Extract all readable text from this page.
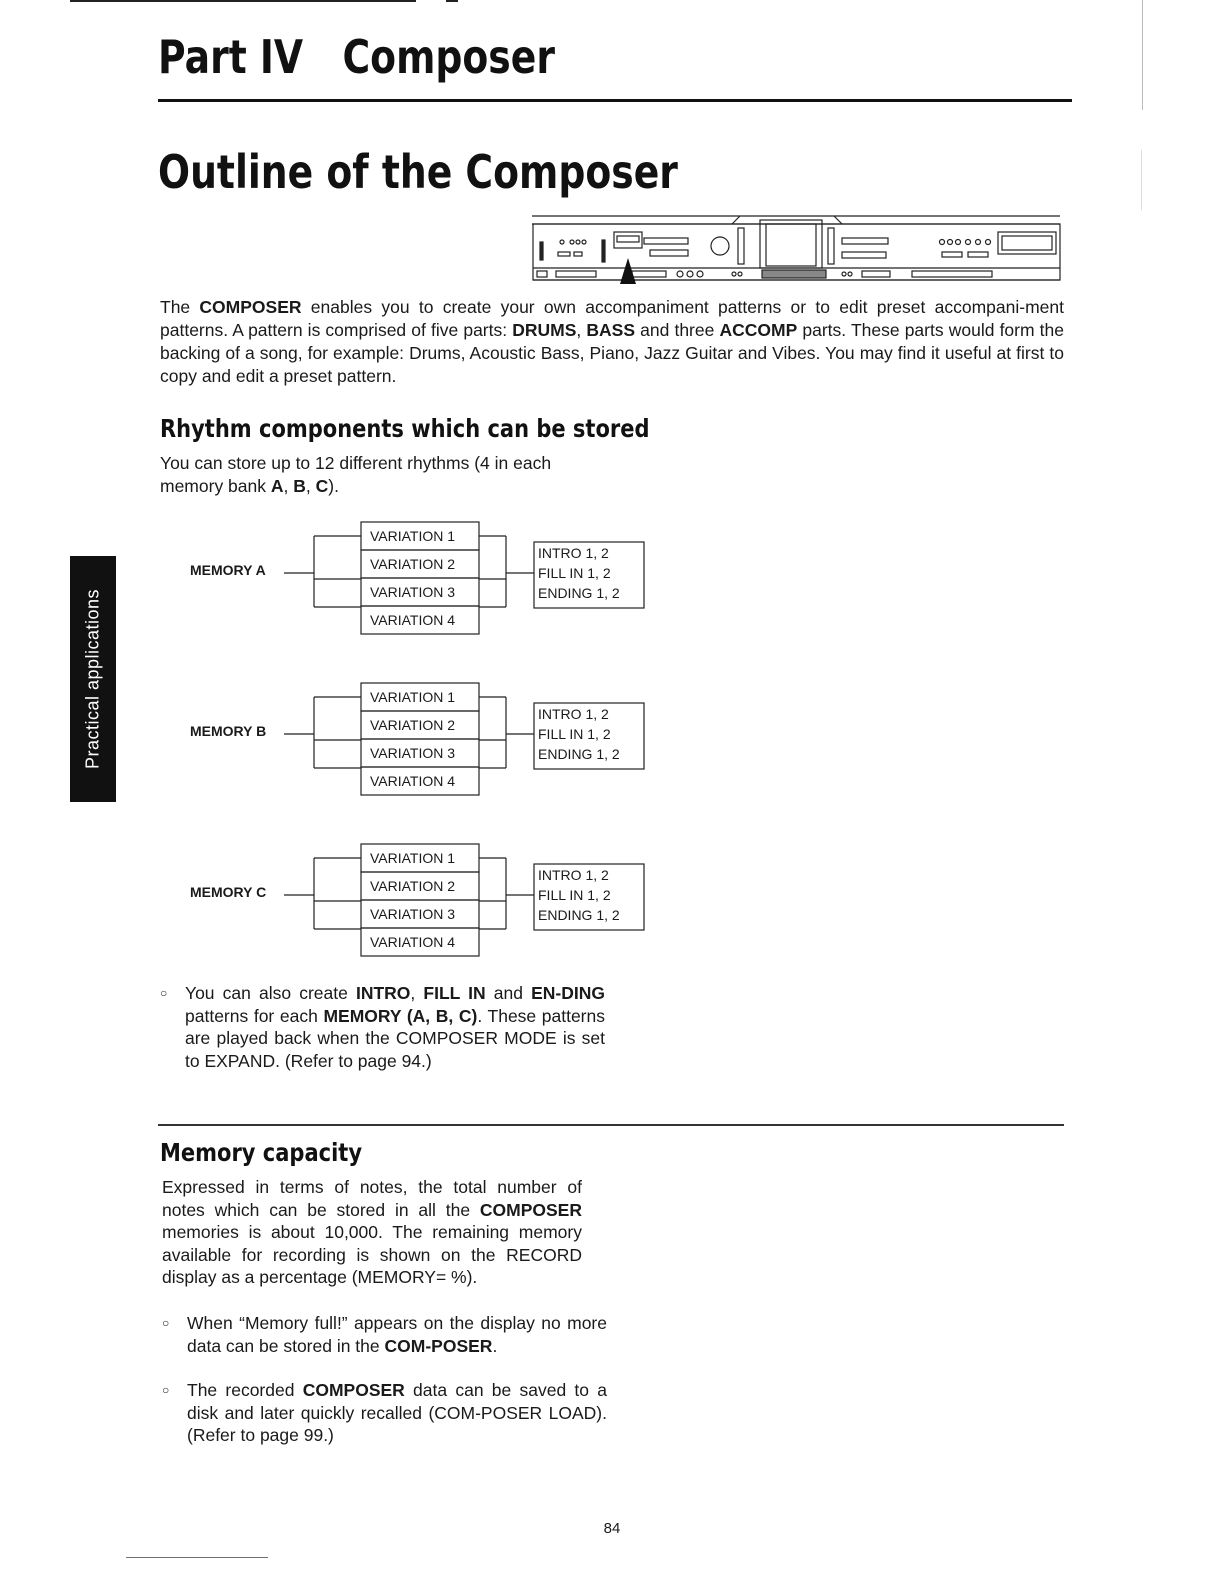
Part IV   Composer
Outline of the Composer

The COMPOSER enables you to create your own accompaniment patterns or to edit preset accompani-ment patterns. A pattern is comprised of five parts: DRUMS, BASS and three ACCOMP parts. These parts would form the backing of a song, for example: Drums, Acoustic Bass, Piano, Jazz Guitar and Vibes. You may find it useful at first to copy and edit a preset pattern.

Rhythm components which can be stored

You can store up to 12 different rhythms (4 in each memory bank A, B, C).

MEMORY A
VARIATION 1
VARIATION 2
VARIATION 3
VARIATION 4
INTRO 1, 2
FILL IN 1, 2
ENDING 1, 2
MEMORY B
VARIATION 1
VARIATION 2
VARIATION 3
VARIATION 4
INTRO 1, 2
FILL IN 1, 2
ENDING 1, 2
MEMORY C
VARIATION 1
VARIATION 2
VARIATION 3
VARIATION 4
INTRO 1, 2
FILL IN 1, 2
ENDING 1, 2

○ You can also create INTRO, FILL IN and EN-DING patterns for each MEMORY (A, B, C). These patterns are played back when the COMPOSER MODE is set to EXPAND. (Refer to page 94.)

Memory capacity

Expressed in terms of notes, the total number of notes which can be stored in all the COMPOSER memories is about 10,000. The remaining memory available for recording is shown on the RECORD display as a percentage (MEMORY= %).

○ When “Memory full!” appears on the display no more data can be stored in the COM-POSER.

○ The recorded COMPOSER data can be saved to a disk and later quickly recalled (COM-POSER LOAD). (Refer to page 99.)

Practical applications
84
